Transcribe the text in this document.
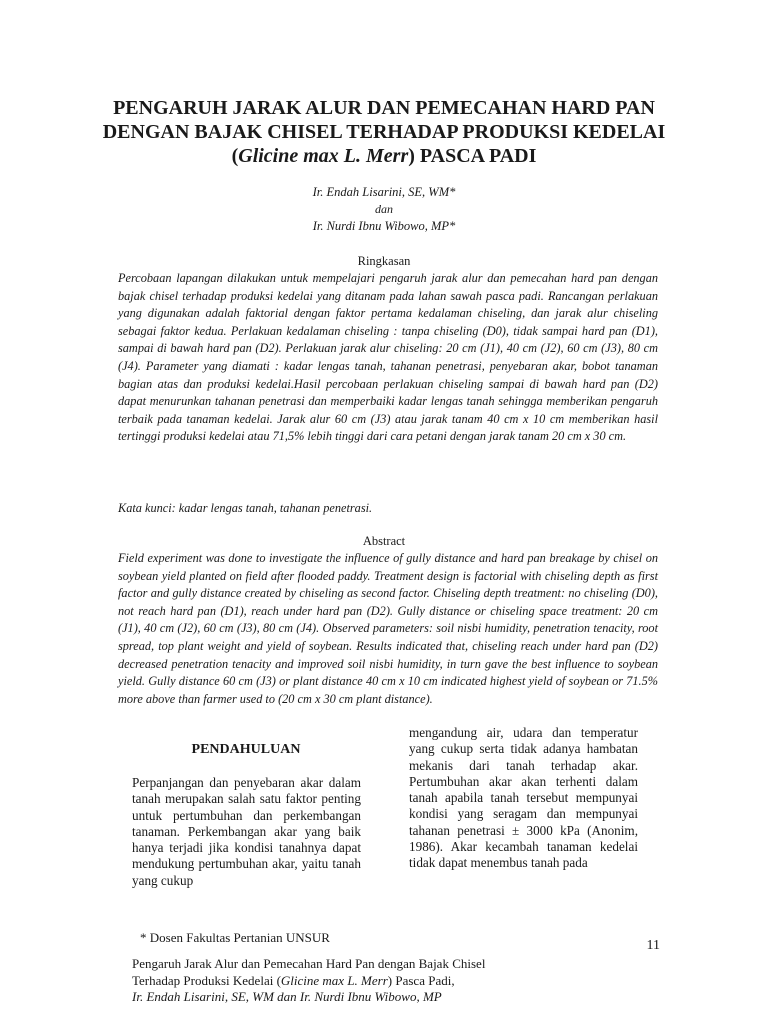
PENGARUH JARAK ALUR DAN PEMECAHAN HARD PAN DENGAN BAJAK CHISEL TERHADAP PRODUKSI KEDELAI (Glicine max L. Merr) PASCA PADI
Ir. Endah Lisarini, SE, WM*
dan
Ir. Nurdi Ibnu Wibowo, MP*
Ringkasan

Percobaan lapangan dilakukan untuk mempelajari pengaruh jarak alur dan pemecahan hard pan dengan bajak chisel terhadap produksi kedelai yang ditanam pada lahan sawah pasca padi. Rancangan perlakuan yang digunakan adalah faktorial dengan faktor pertama kedalaman chiseling, dan jarak alur chiseling sebagai faktor kedua. Perlakuan kedalaman chiseling : tanpa chiseling (D0), tidak sampai hard pan (D1), sampai di bawah hard pan (D2). Perlakuan jarak alur chiseling: 20 cm (J1), 40 cm (J2), 60 cm (J3), 80 cm (J4). Parameter yang diamati : kadar lengas tanah, tahanan penetrasi, penyebaran akar, bobot tanaman bagian atas dan produksi kedelai.Hasil percobaan perlakuan chiseling sampai di bawah hard pan (D2) dapat menurunkan tahanan penetrasi dan memperbaiki kadar lengas tanah sehingga memberikan pengaruh terbaik pada tanaman kedelai. Jarak alur 60 cm (J3) atau jarak tanam 40 cm x 10 cm memberikan hasil tertinggi produksi kedelai atau 71,5% lebih tinggi dari cara petani dengan jarak tanam 20 cm x 30 cm.

Kata kunci: kadar lengas tanah, tahanan penetrasi.

Abstract

Field experiment was done to investigate the influence of gully distance and hard pan breakage by chisel on soybean yield planted on field after flooded paddy. Treatment design is factorial with chiseling depth as first factor and gully distance created by chiseling as second factor. Chiseling depth treatment: no chiseling (D0), not reach hard pan (D1), reach under hard pan (D2). Gully distance or chiseling space treatment: 20 cm (J1), 40 cm (J2), 60 cm (J3), 80 cm (J4). Observed parameters: soil nisbi humidity, penetration tenacity, root spread, top plant weight and yield of soybean. Results indicated that, chiseling reach under hard pan (D2) decreased penetration tenacity and improved soil nisbi humidity, in turn gave the best influence to soybean yield. Gully distance 60 cm (J3) or plant distance 40 cm x 10 cm indicated highest yield of soybean or 71.5% more above than farmer used to (20 cm x 30 cm plant distance).

PENDAHULUAN

Perpanjangan dan penyebaran akar dalam tanah merupakan salah satu faktor penting untuk pertumbuhan dan perkembangan tanaman. Perkembangan akar yang baik hanya terjadi jika kondisi tanahnya dapat mendukung pertumbuhan akar, yaitu tanah yang cukup

mengandung air, udara dan temperatur yang cukup serta tidak adanya hambatan mekanis dari tanah terhadap akar. Pertumbuhan akar akan terhenti dalam tanah apabila tanah tersebut mempunyai kondisi yang seragam dan mempunyai tahanan penetrasi ± 3000 kPa (Anonim, 1986). Akar kecambah tanaman kedelai tidak dapat menembus tanah pada

* Dosen Fakultas Pertanian UNSUR
11
Pengaruh Jarak Alur dan Pemecahan Hard Pan dengan Bajak Chisel
Terhadap Produksi Kedelai (Glicine max L. Merr) Pasca Padi,
Ir. Endah Lisarini, SE, WM dan Ir. Nurdi Ibnu Wibowo, MP
